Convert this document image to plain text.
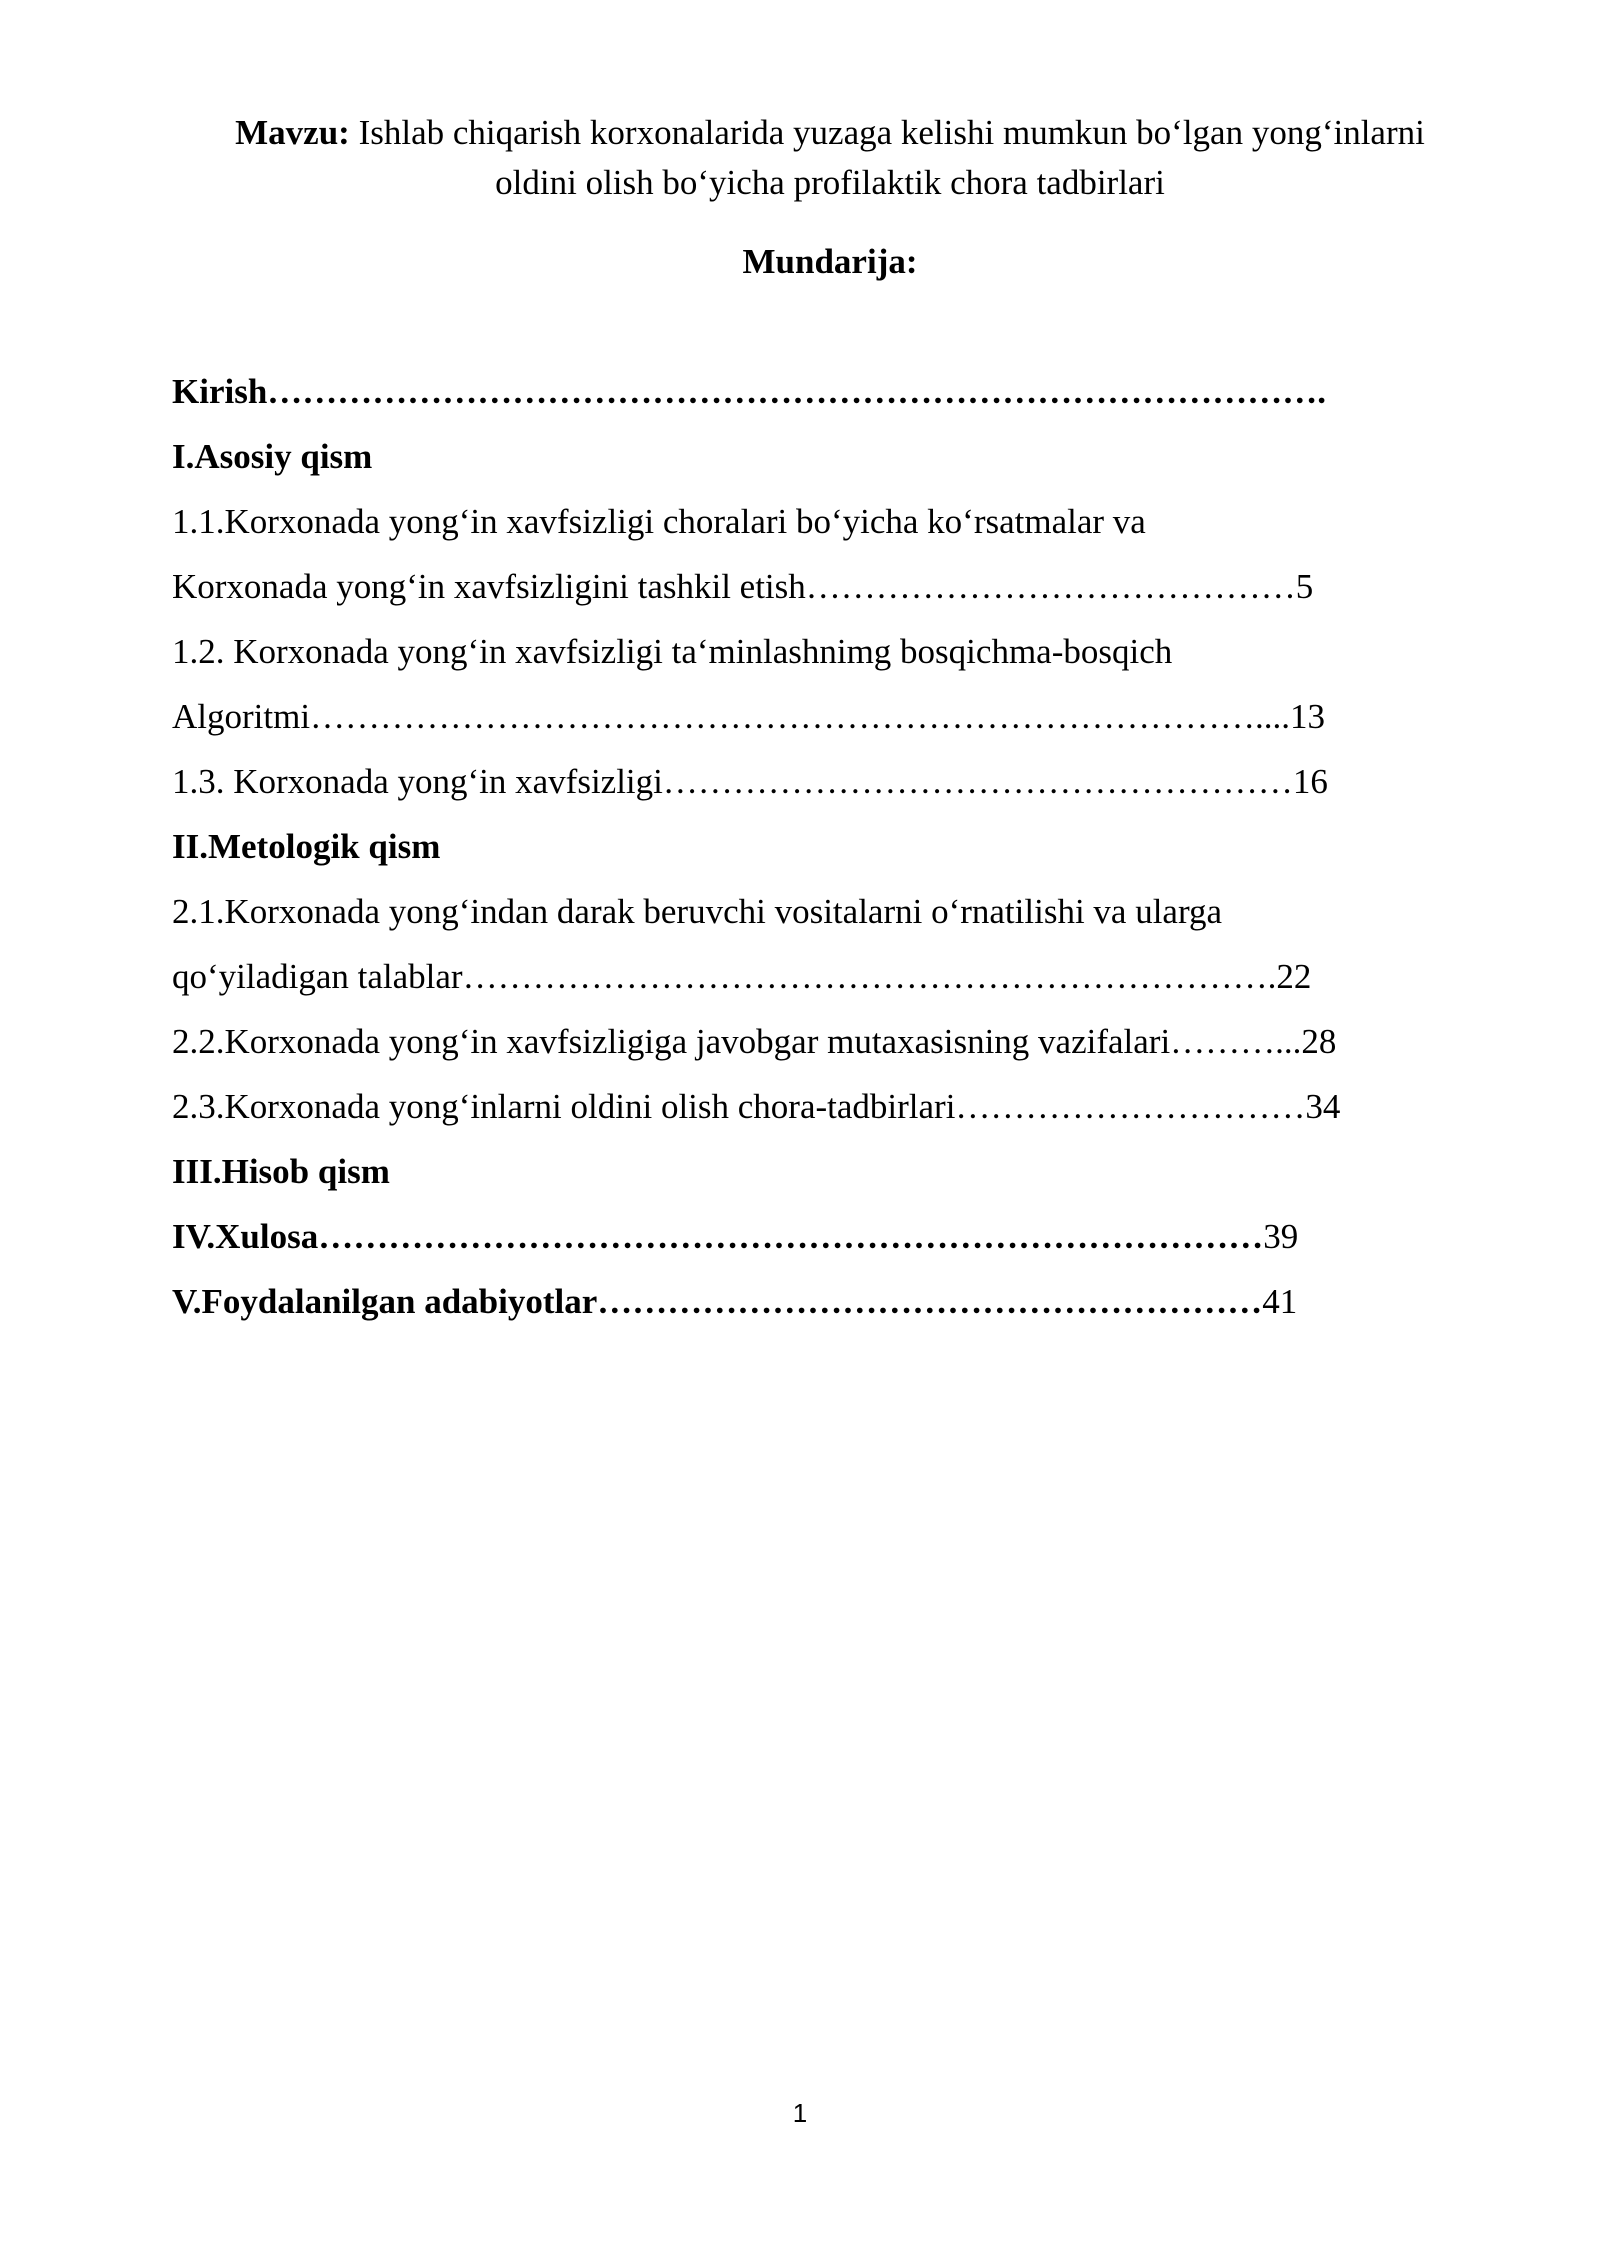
Mavzu: Ishlab chiqarish korxonalarida yuzaga kelishi mumkun bo‘lgan yong‘inlarni
oldini olish bo‘yicha profilaktik chora tadbirlari
Mundarija:
Kirish……………………………………………………………………………….
I.Asosiy qism
1.1.Korxonada yong‘in xavfsizligi choralari bo‘yicha ko‘rsatmalar va
Korxonada yong‘in xavfsizligini tashkil etish……………………………………5
1.2. Korxonada yong‘in xavfsizligi ta‘minlashnimg bosqichma-bosqich
Algoritmi………………………………………………………………………....13
1.3. Korxonada yong‘in xavfsizligi………………………………………………16
II.Metologik qism
2.1.Korxonada yong‘indan darak beruvchi vositalarni o‘rnatilishi va ularga
qo‘yiladigan talablar…………………………………………………………….22
2.2.Korxonada yong‘in xavfsizligiga javobgar mutaxasisning vazifalari………...28
2.3.Korxonada yong‘inlarni oldini olish chora-tadbirlari…………………………34
III.Hisob qism
IV.Xulosa………………………………………………………………………39
V.Foydalanilgan adabiyotlar…………………………………………………41
1
